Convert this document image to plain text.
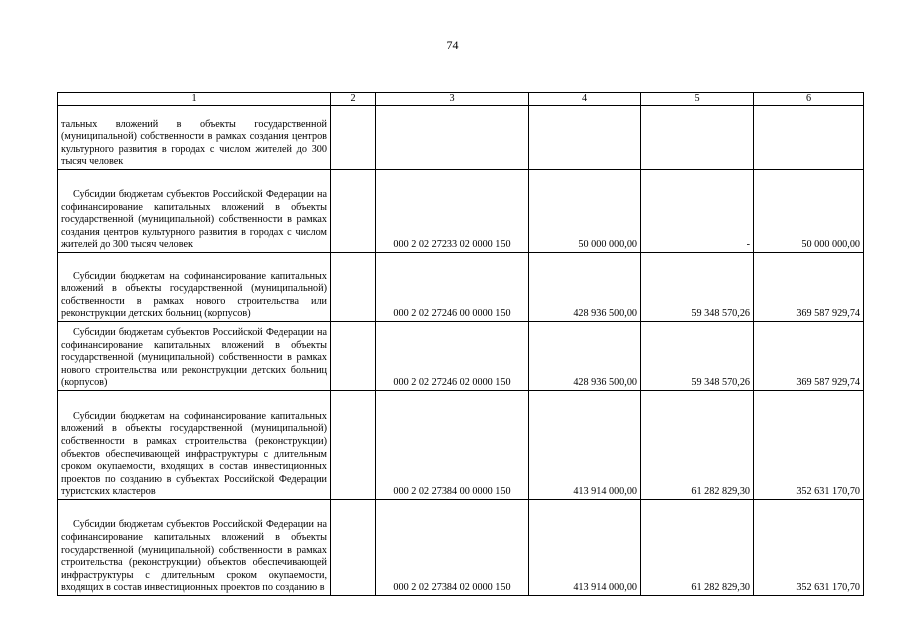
74
1	2	3	4	5	6

тальных вложений в объекты государственной (муниципальной) собственности в рамках создания центров культурного развития в городах с числом жителей до 300 тысяч человек					

Субсидии бюджетам субъектов Российской Федерации на софинансирование капитальных вложений в объекты государственной (муниципальной) собственности в рамках создания центров культурного развития в городах с числом жителей до 300 тысяч человек		000 2 02 27233 02 0000 150	50 000 000,00	-	50 000 000,00

Субсидии бюджетам на софинансирование капитальных вложений в объекты государственной (муниципальной) собственности в рамках нового строительства или реконструкции детских больниц (корпусов)		000 2 02 27246 00 0000 150	428 936 500,00	59 348 570,26	369 587 929,74

Субсидии бюджетам субъектов Российской Федерации на софинансирование капитальных вложений в объекты государственной (муниципальной) собственности в рамках нового строительства или реконструкции детских больниц (корпусов)		000 2 02 27246 02 0000 150	428 936 500,00	59 348 570,26	369 587 929,74

Субсидии бюджетам на софинансирование капитальных вложений в объекты государственной (муниципальной) собственности в рамках строительства (реконструкции) объектов обеспечивающей инфраструктуры с длительным сроком окупаемости, входящих в состав инвестиционных проектов по созданию в субъектах Российской Федерации туристских кластеров		000 2 02 27384 00 0000 150	413 914 000,00	61 282 829,30	352 631 170,70

Субсидии бюджетам субъектов Российской Федерации на софинансирование капитальных вложений в объекты государственной (муниципальной) собственности в рамках строительства (реконструкции) объектов обеспечивающей инфраструктуры с длительным сроком окупаемости, входящих в состав инвестиционных проектов по созданию в		000 2 02 27384 02 0000 150	413 914 000,00	61 282 829,30	352 631 170,70
